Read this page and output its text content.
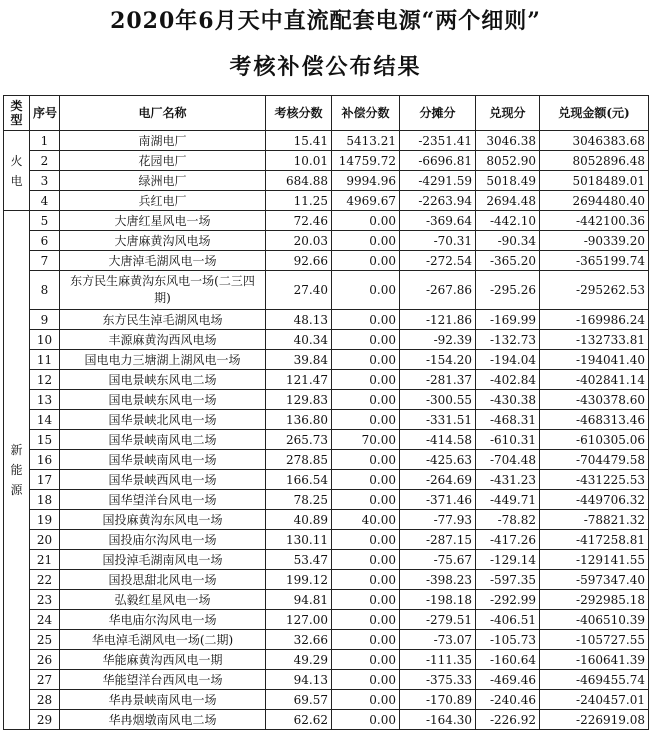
2020年6月天中直流配套电源“两个细则”
考核补偿公布结果
类型	序号	电厂名称	考核分数	补偿分数	分摊分	兑现分	兑现金额(元)

火
电	1	南湖电厂	15.41	5413.21	-2351.41	3046.38	3046383.68
	2	花园电厂	10.01	14759.72	-6696.81	8052.90	8052896.48
	3	绿洲电厂	684.88	9994.96	-4291.59	5018.49	5018489.01
	4	兵红电厂	11.25	4969.67	-2263.94	2694.48	2694480.40

新
能
源	5	大唐红星风电一场	72.46	0.00	-369.64	-442.10	-442100.36
	6	大唐麻黄沟风电场	20.03	0.00	-70.31	-90.34	-90339.20
	7	大唐淖毛湖风电一场	92.66	0.00	-272.54	-365.20	-365199.74
	8	东方民生麻黄沟东风电一场(二三四期)	27.40	0.00	-267.86	-295.26	-295262.53
	9	东方民生淖毛湖风电场	48.13	0.00	-121.86	-169.99	-169986.24
	10	丰源麻黄沟西风电场	40.34	0.00	-92.39	-132.73	-132733.81
	11	国电电力三塘湖上湖风电一场	39.84	0.00	-154.20	-194.04	-194041.40
	12	国电景峡东风电二场	121.47	0.00	-281.37	-402.84	-402841.14
	13	国电景峡东风电一场	129.83	0.00	-300.55	-430.38	-430378.60
	14	国华景峡北风电一场	136.80	0.00	-331.51	-468.31	-468313.46
	15	国华景峡南风电二场	265.73	70.00	-414.58	-610.31	-610305.06
	16	国华景峡南风电一场	278.85	0.00	-425.63	-704.48	-704479.58
	17	国华景峡西风电一场	166.54	0.00	-264.69	-431.23	-431225.53
	18	国华望洋台风电一场	78.25	0.00	-371.46	-449.71	-449706.32
	19	国投麻黄沟东风电一场	40.89	40.00	-77.93	-78.82	-78821.32
	20	国投庙尔沟风电一场	130.11	0.00	-287.15	-417.26	-417258.81
	21	国投淖毛湖南风电一场	53.47	0.00	-75.67	-129.14	-129141.55
	22	国投思甜北风电一场	199.12	0.00	-398.23	-597.35	-597347.40
	23	弘毅红星风电一场	94.81	0.00	-198.18	-292.99	-292985.18
	24	华电庙尔沟风电一场	127.00	0.00	-279.51	-406.51	-406510.39
	25	华电淖毛湖风电一场(二期)	32.66	0.00	-73.07	-105.73	-105727.55
	26	华能麻黄沟西风电一期	49.29	0.00	-111.35	-160.64	-160641.39
	27	华能望洋台西风电一场	94.13	0.00	-375.33	-469.46	-469455.74
	28	华冉景峡南风电一场	69.57	0.00	-170.89	-240.46	-240457.01
	29	华冉烟墩南风电二场	62.62	0.00	-164.30	-226.92	-226919.08
